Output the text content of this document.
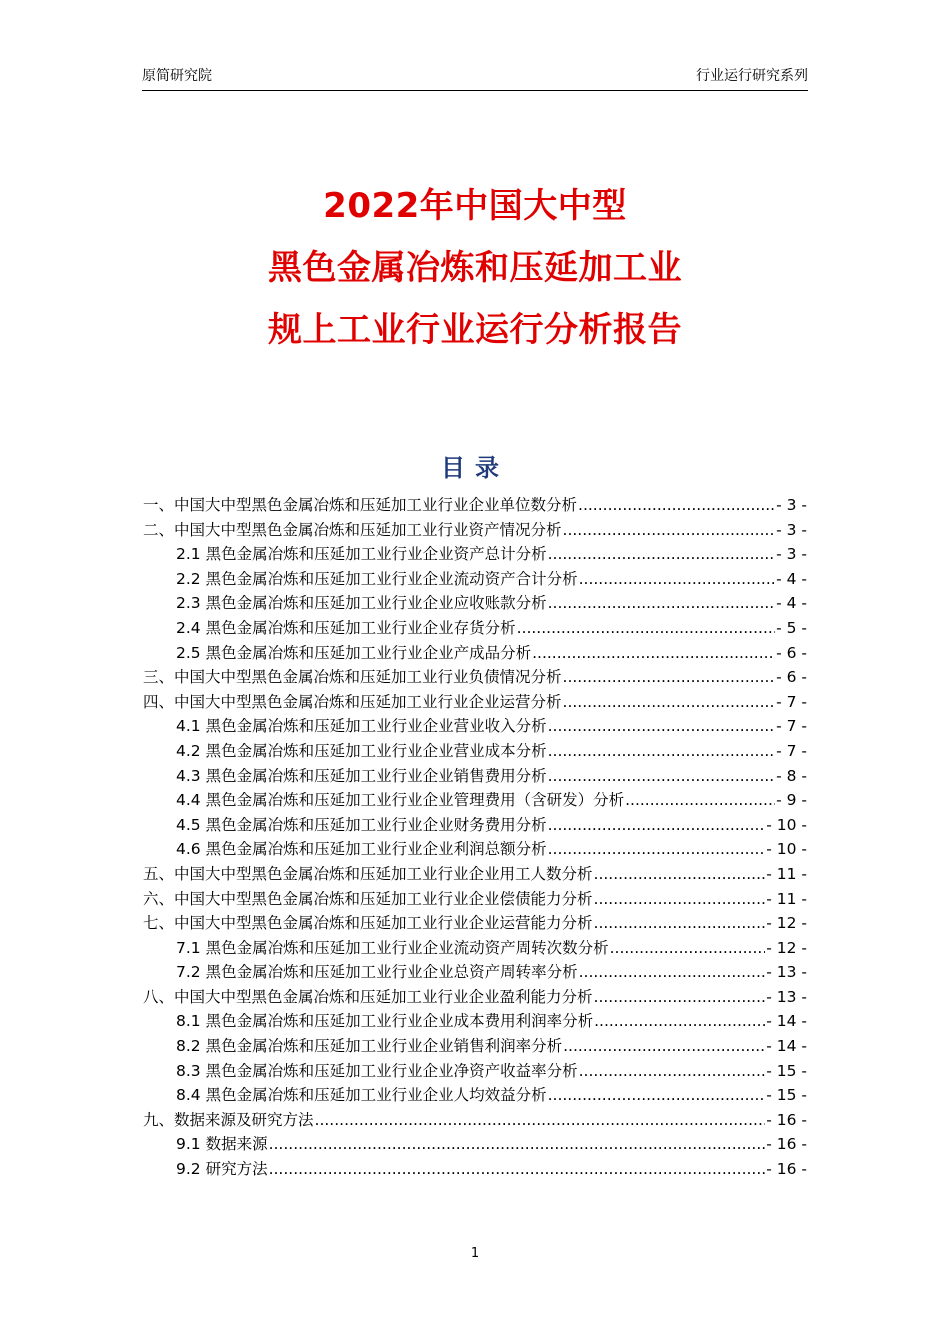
原简研究院	行业运行研究系列
2022年中国大中型
黑色金属冶炼和压延加工业
规上工业行业运行分析报告
目录
一、中国大中型黑色金属冶炼和压延加工业行业企业单位数分析 .....	- 3 -
二、中国大中型黑色金属冶炼和压延加工业行业资产情况分析 .....	- 3 -
2.1 黑色金属冶炼和压延加工业行业企业资产总计分析 .....	- 3 -
2.2 黑色金属冶炼和压延加工业行业企业流动资产合计分析 .....	- 4 -
2.3 黑色金属冶炼和压延加工业行业企业应收账款分析 .....	- 4 -
2.4 黑色金属冶炼和压延加工业行业企业存货分析 .....	- 5 -
2.5 黑色金属冶炼和压延加工业行业企业产成品分析 .....	- 6 -
三、中国大中型黑色金属冶炼和压延加工业行业负债情况分析 .....	- 6 -
四、中国大中型黑色金属冶炼和压延加工业行业企业运营分析 .....	- 7 -
4.1 黑色金属冶炼和压延加工业行业企业营业收入分析 .....	- 7 -
4.2 黑色金属冶炼和压延加工业行业企业营业成本分析 .....	- 7 -
4.3 黑色金属冶炼和压延加工业行业企业销售费用分析 .....	- 8 -
4.4 黑色金属冶炼和压延加工业行业企业管理费用（含研发）分析 .....	- 9 -
4.5 黑色金属冶炼和压延加工业行业企业财务费用分析 .....	- 10 -
4.6 黑色金属冶炼和压延加工业行业企业利润总额分析 .....	- 10 -
五、中国大中型黑色金属冶炼和压延加工业行业企业用工人数分析 .....	- 11 -
六、中国大中型黑色金属冶炼和压延加工业行业企业偿债能力分析 .....	- 11 -
七、中国大中型黑色金属冶炼和压延加工业行业企业运营能力分析 .....	- 12 -
7.1 黑色金属冶炼和压延加工业行业企业流动资产周转次数分析 .....	- 12 -
7.2 黑色金属冶炼和压延加工业行业企业总资产周转率分析 .....	- 13 -
八、中国大中型黑色金属冶炼和压延加工业行业企业盈利能力分析 .....	- 13 -
8.1 黑色金属冶炼和压延加工业行业企业成本费用利润率分析 .....	- 14 -
8.2 黑色金属冶炼和压延加工业行业企业销售利润率分析 .....	- 14 -
8.3 黑色金属冶炼和压延加工业行业企业净资产收益率分析 .....	- 15 -
8.4 黑色金属冶炼和压延加工业行业企业人均效益分析 .....	- 15 -
九、数据来源及研究方法 .....	- 16 -
9.1 数据来源 .....	- 16 -
9.2 研究方法 .....	- 16 -
1
